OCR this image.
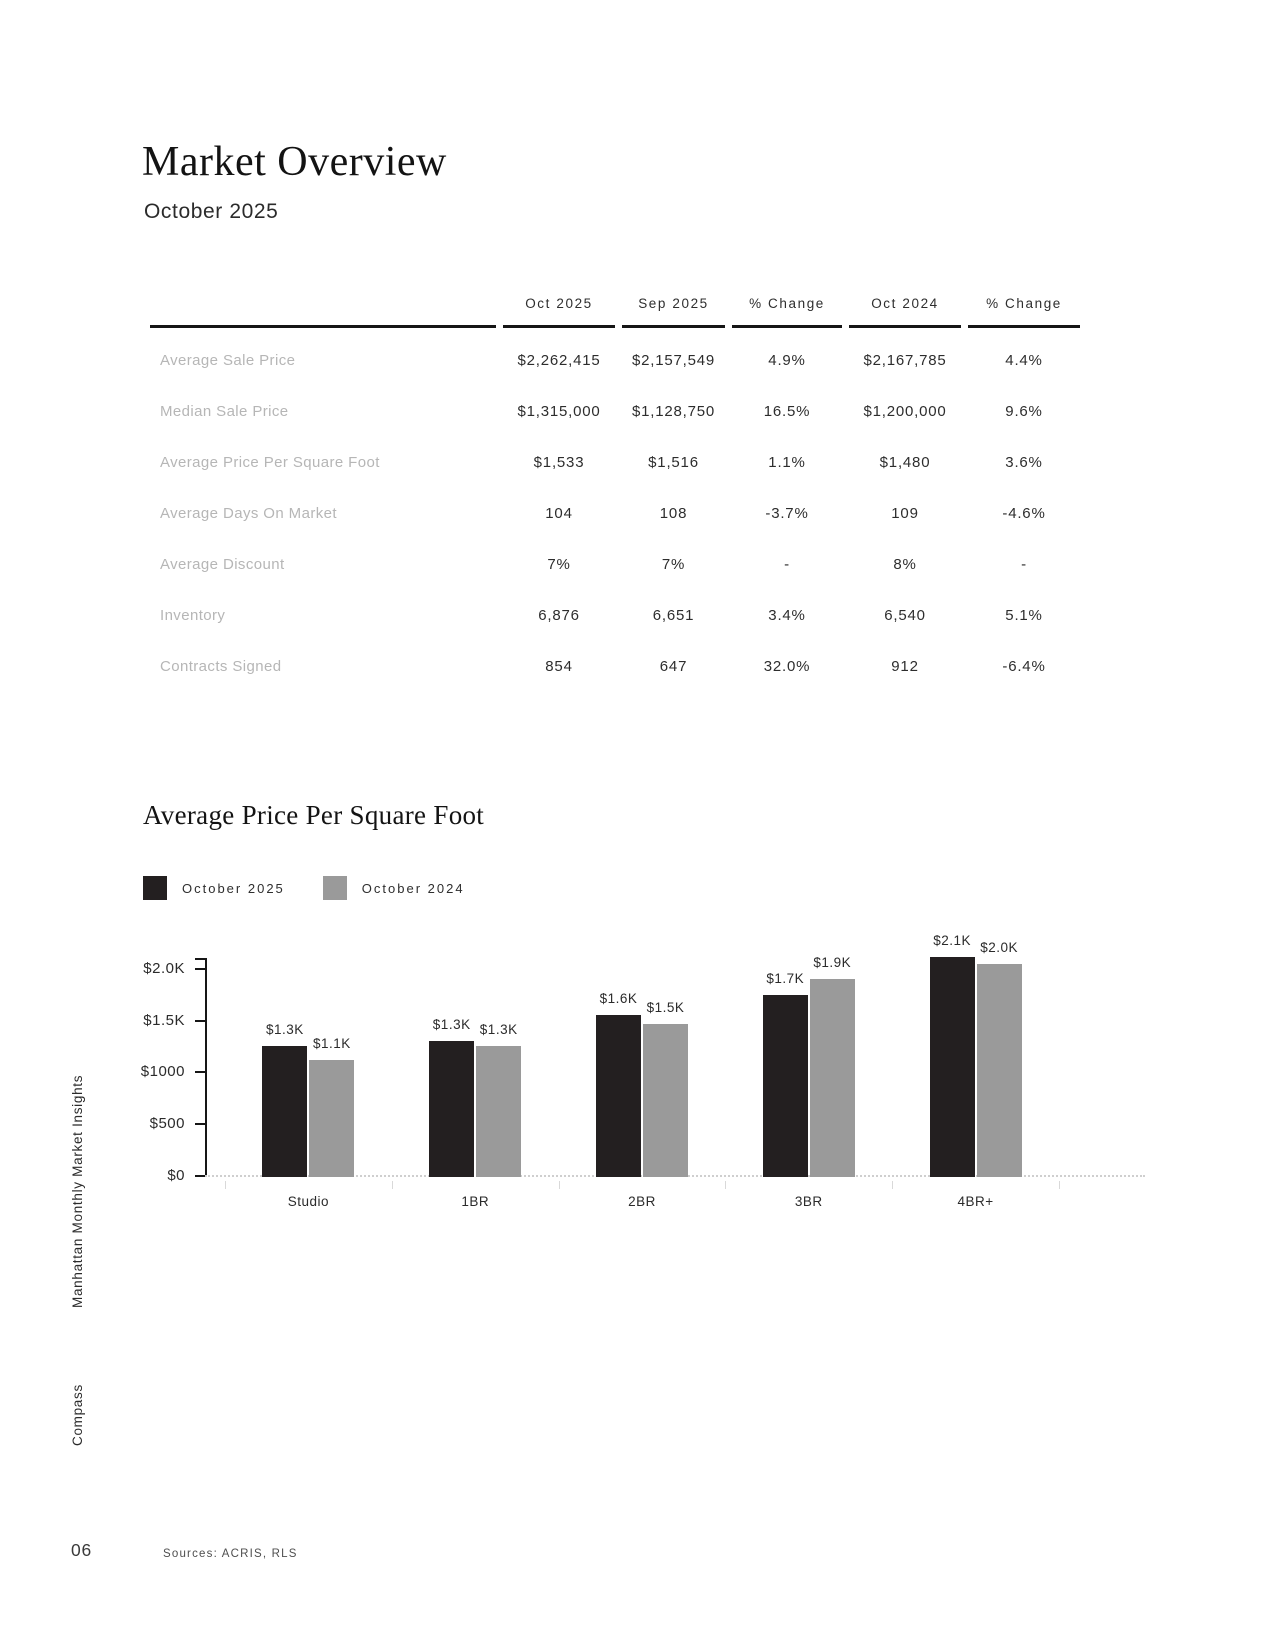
Market Overview
October 2025
	Oct 2025	Sep 2025	% Change	Oct 2024	% Change
Average Sale Price	$2,262,415	$2,157,549	4.9%	$2,167,785	4.4%
Median Sale Price	$1,315,000	$1,128,750	16.5%	$1,200,000	9.6%
Average Price Per Square Foot	$1,533	$1,516	1.1%	$1,480	3.6%
Average Days On Market	104	108	-3.7%	109	-4.6%
Average Discount	7%	7%	-	8%	-
Inventory	6,876	6,651	3.4%	6,540	5.1%
Contracts Signed	854	647	32.0%	912	-6.4%
Average Price Per Square Foot
October 2025	October 2024
$2.0K
$1.5K
$1000
$500
$0
$1.3K
$1.1K
Studio
$1.3K $1.3K
1BR
$1.6K
$1.5K
2BR
$1.7K
$1.9K
3BR
$2.1K $2.0K
4BR+
Manhattan Monthly Market Insights
Compass
06	Sources: ACRIS, RLS
